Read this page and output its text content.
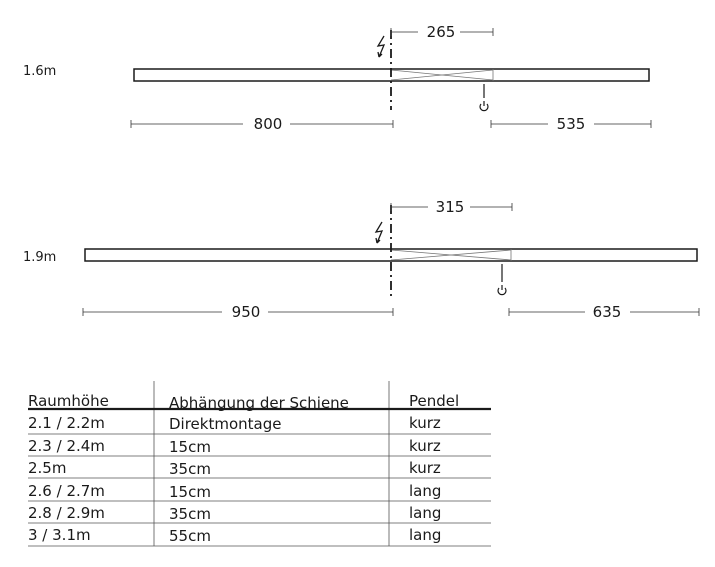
1.6m
265
800	535
1.9m
315
950	635
Raumhöhe	Abhängung der Schiene	Pendel
2.1 / 2.2m	Direktmontage	kurz
2.3 / 2.4m	15cm	kurz
2.5m	35cm	kurz
2.6 / 2.7m	15cm	lang
2.8 / 2.9m	35cm	lang
3 / 3.1m	55cm	lang
